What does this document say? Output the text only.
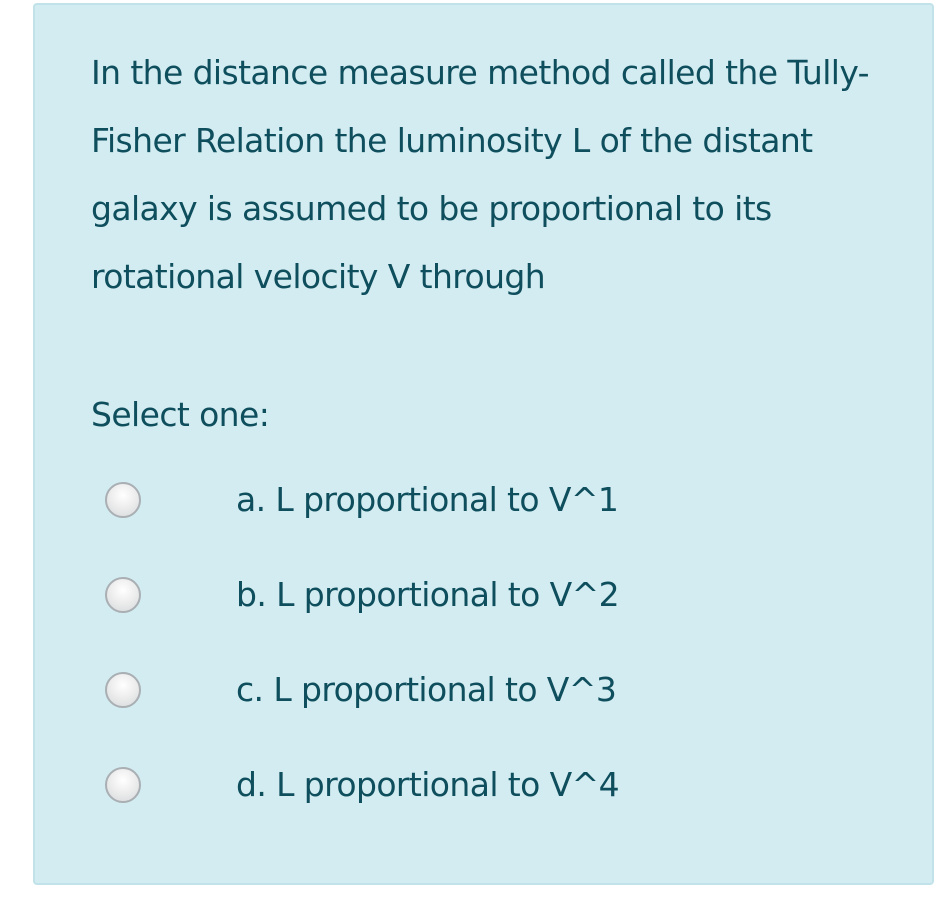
In the distance measure method called the Tully-Fisher Relation the luminosity L of the distant galaxy is assumed to be proportional to its rotational velocity V through

Select one:
a. L proportional to V^1
b. L proportional to V^2
c. L proportional to V^3
d. L proportional to V^4
